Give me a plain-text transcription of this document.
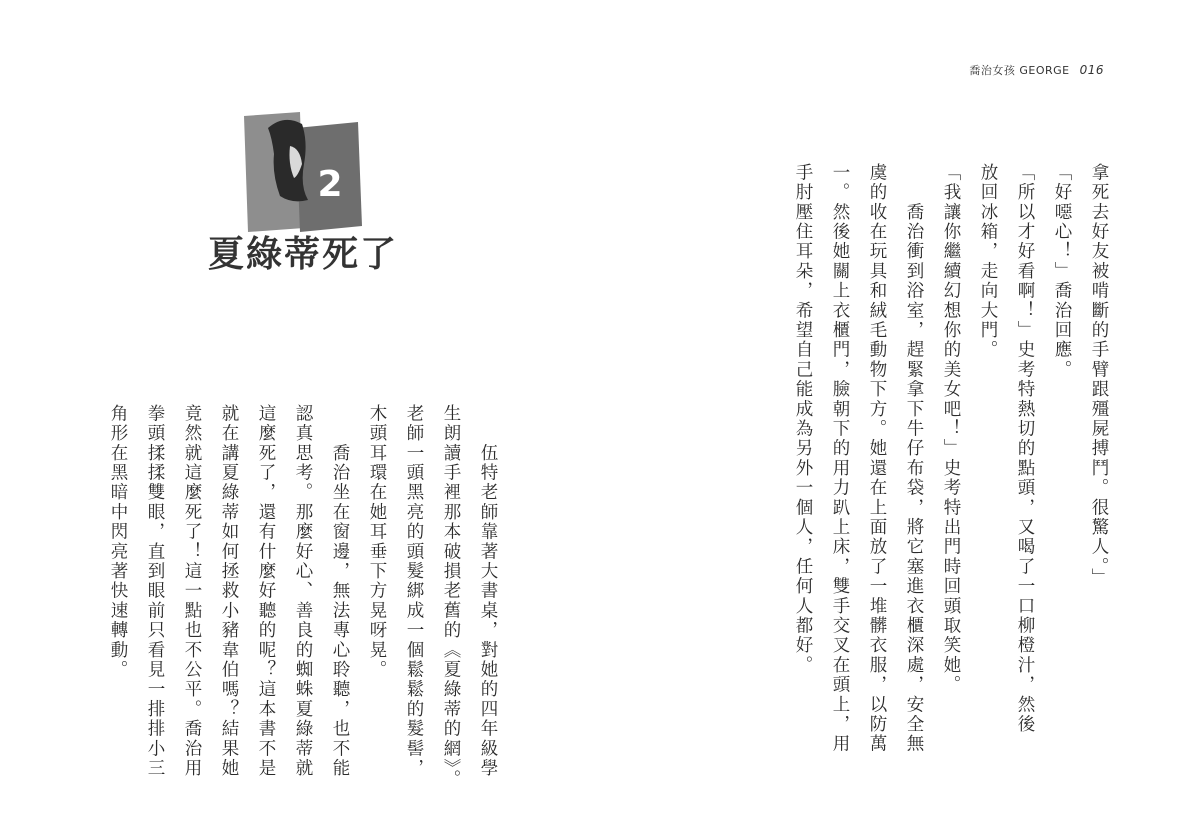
喬治女孩 GEORGE 016
2
夏綠蒂死了	拿死去好友被啃斷的手臂跟殭屍搏鬥。很驚人。」
「好噁心！」喬治回應。
「所以才好看啊！」史考特熱切的點頭，又喝了一口柳橙汁，然後
放回冰箱，走向大門。
「我讓你繼續幻想你的美女吧！」史考特出門時回頭取笑她。
　　喬治衝到浴室，趕緊拿下牛仔布袋，將它塞進衣櫃深處，安全無
虞的收在玩具和絨毛動物下方。她還在上面放了一堆髒衣服，以防萬
一。然後她關上衣櫃門，臉朝下的用力趴上床，雙手交叉在頭上，用
手肘壓住耳朵，希望自己能成為另外一個人，任何人都好。
　　伍特老師靠著大書桌，對她的四年級學
生朗讀手裡那本破損老舊的《夏綠蒂的網》。
老師一頭黑亮的頭髮綁成一個鬆鬆的髮髻，
木頭耳環在她耳垂下方晃呀晃。
　　喬治坐在窗邊，無法專心聆聽，也不能
認真思考。那麼好心、善良的蜘蛛夏綠蒂就
這麼死了，還有什麼好聽的呢？這本書不是
就在講夏綠蒂如何拯救小豬韋伯嗎？結果她
竟然就這麼死了！這一點也不公平。喬治用
拳頭揉揉雙眼，直到眼前只看見一排排小三
角形在黑暗中閃亮著快速轉動。
